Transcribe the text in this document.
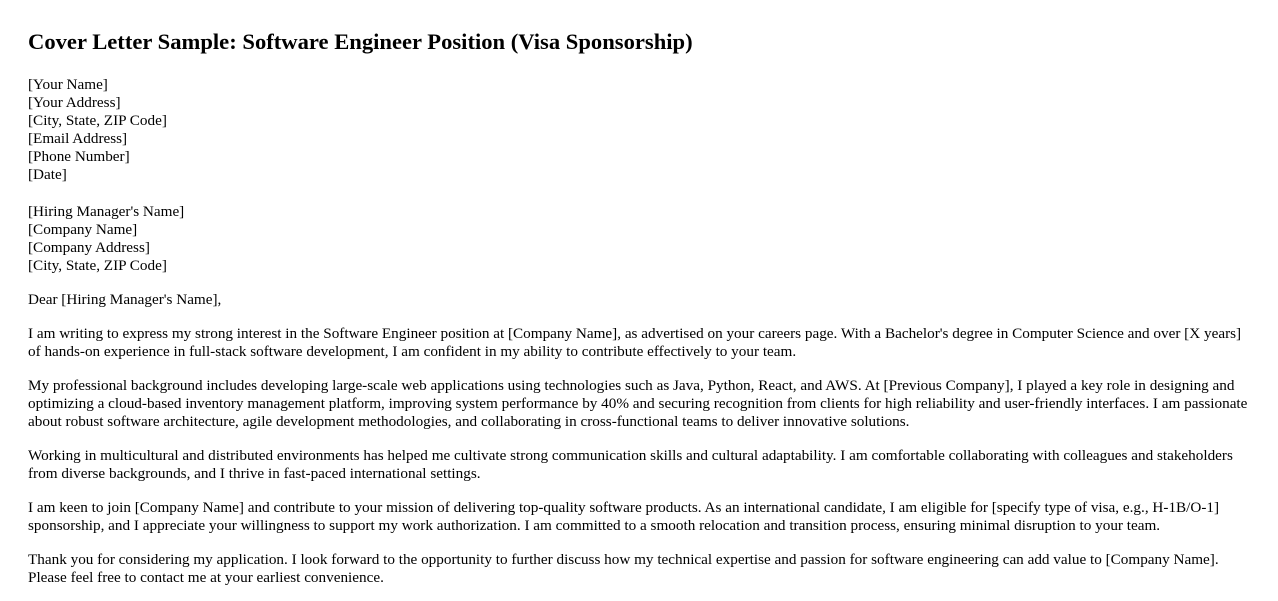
Cover Letter Sample: Software Engineer Position (Visa Sponsorship)
[Your Name]
[Your Address]
[City, State, ZIP Code]
[Email Address]
[Phone Number]
[Date]
[Hiring Manager's Name]
[Company Name]
[Company Address]
[City, State, ZIP Code]
Dear [Hiring Manager's Name],

I am writing to express my strong interest in the Software Engineer position at [Company Name], as advertised on your careers page. With a Bachelor's degree in Computer Science and over [X years] of hands-on experience in full-stack software development, I am confident in my ability to contribute effectively to your team.

My professional background includes developing large-scale web applications using technologies such as Java, Python, React, and AWS. At [Previous Company], I played a key role in designing and optimizing a cloud-based inventory management platform, improving system performance by 40% and securing recognition from clients for high reliability and user-friendly interfaces. I am passionate about robust software architecture, agile development methodologies, and collaborating in cross-functional teams to deliver innovative solutions.

Working in multicultural and distributed environments has helped me cultivate strong communication skills and cultural adaptability. I am comfortable collaborating with colleagues and stakeholders from diverse backgrounds, and I thrive in fast-paced international settings.

I am keen to join [Company Name] and contribute to your mission of delivering top-quality software products. As an international candidate, I am eligible for [specify type of visa, e.g., H-1B/O-1] sponsorship, and I appreciate your willingness to support my work authorization. I am committed to a smooth relocation and transition process, ensuring minimal disruption to your team.

Thank you for considering my application. I look forward to the opportunity to further discuss how my technical expertise and passion for software engineering can add value to [Company Name]. Please feel free to contact me at your earliest convenience.
